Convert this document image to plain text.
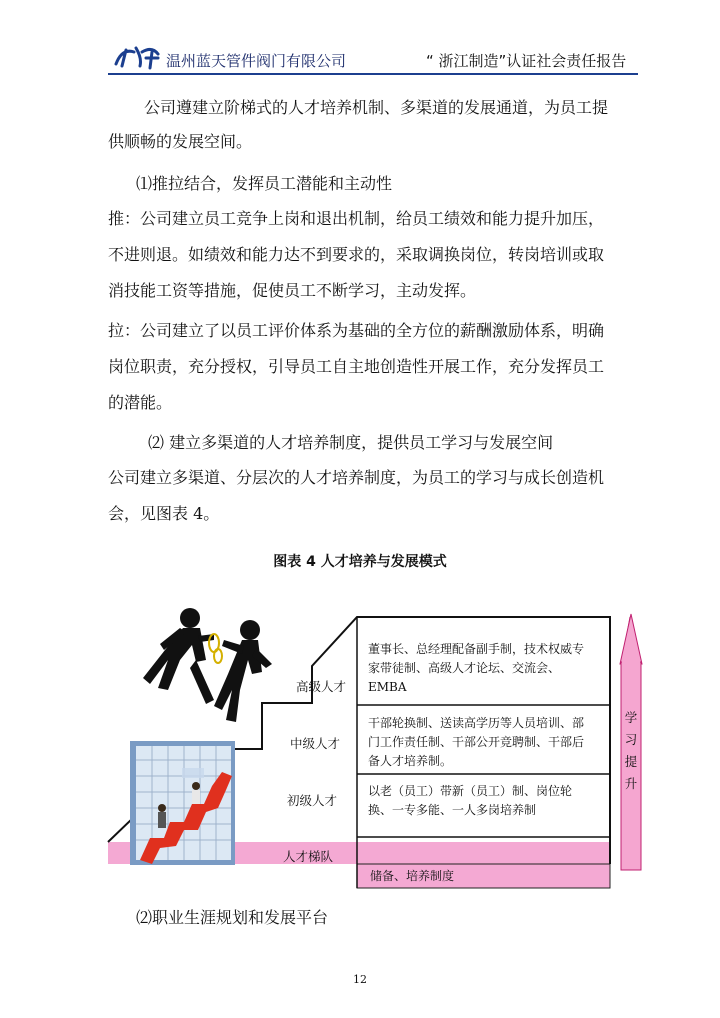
飞龙
温州蓝天管件阀门有限公司	“ 浙江制造”认证社会责任报告
公司遵建立阶梯式的人才培养机制、多渠道的发展通道，为员工提
供顺畅的发展空间。
⑴推拉结合，发挥员工潜能和主动性
推：公司建立员工竞争上岗和退出机制，给员工绩效和能力提升加压，
不进则退。如绩效和能力达不到要求的，采取调换岗位，转岗培训或取
消技能工资等措施，促使员工不断学习，主动发挥。
拉：公司建立了以员工评价体系为基础的全方位的薪酬激励体系，明确
岗位职责，充分授权，引导员工自主地创造性开展工作，充分发挥员工
的潜能。
⑵ 建立多渠道的人才培养制度，提供员工学习与发展空间
公司建立多渠道、分层次的人才培养制度，为员工的学习与成长创造机
会，见图表 4。
图表 4 人才培养与发展模式
高级人才
中级人才
初级人才
人才梯队
董事长、总经理配备副手制，技术权威专
家带徒制、高级人才论坛、交流会、
EMBA
干部轮换制、送读高学历等人员培训、部
门工作责任制、干部公开竞聘制、干部后
备人才培养制。
以老（员工）带新（员工）制、岗位轮
换、一专多能、一人多岗培养制
储备、培养制度
学
习
提
升
⑵职业生涯规划和发展平台
12
